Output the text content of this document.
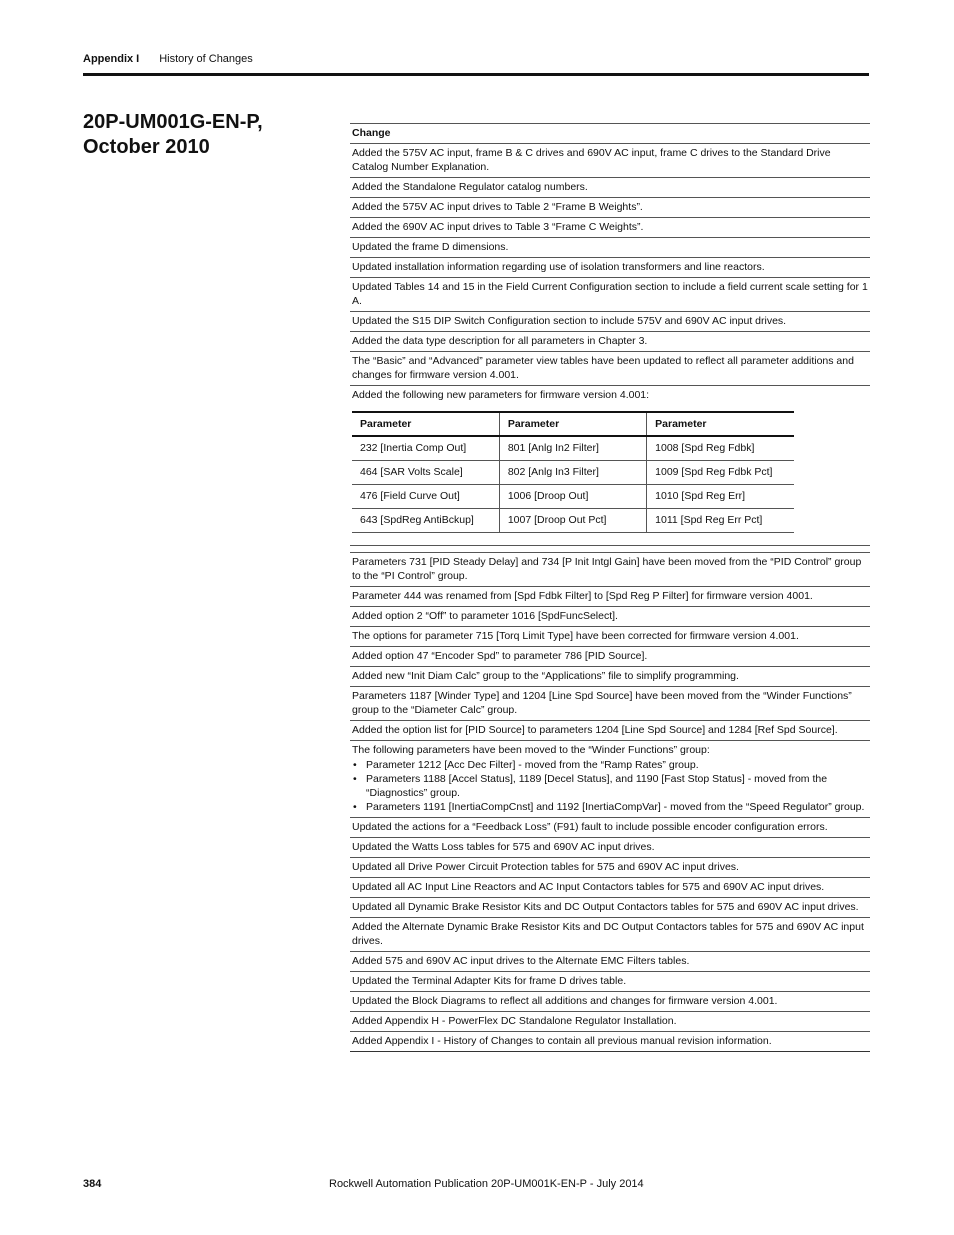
Appendix I History of Changes
20P-UM001G-EN-P,
October 2010
Change
Added the 575V AC input, frame B & C drives and 690V AC input, frame C drives to the Standard Drive Catalog Number Explanation.
Added the Standalone Regulator catalog numbers.
Added the 575V AC input drives to Table 2 “Frame B Weights”.
Added the 690V AC input drives to Table 3 “Frame C Weights”.
Updated the frame D dimensions.
Updated installation information regarding use of isolation transformers and line reactors.
Updated Tables 14 and 15 in the Field Current Configuration section to include a field current scale setting for 1 A.
Updated the S15 DIP Switch Configuration section to include 575V and 690V AC input drives.
Added the data type description for all parameters in Chapter 3.
The “Basic” and “Advanced” parameter view tables have been updated to reflect all parameter additions and changes for firmware version 4.001.
Added the following new parameters for firmware version 4.001:
Parameter	Parameter	Parameter
232 [Inertia Comp Out]	801 [Anlg In2 Filter]	1008 [Spd Reg Fdbk]
464 [SAR Volts Scale]	802 [Anlg In3 Filter]	1009 [Spd Reg Fdbk Pct]
476 [Field Curve Out]	1006 [Droop Out]	1010 [Spd Reg Err]
643 [SpdReg AntiBckup]	1007 [Droop Out Pct]	1011 [Spd Reg Err Pct]
Parameters 731 [PID Steady Delay] and 734 [P Init Intgl Gain] have been moved from the “PID Control” group to the “PI Control” group.
Parameter 444 was renamed from [Spd Fdbk Filter] to [Spd Reg P Filter] for firmware version 4001.
Added option 2 “Off” to parameter 1016 [SpdFuncSelect].
The options for parameter 715 [Torq Limit Type] have been corrected for firmware version 4.001.
Added option 47 “Encoder Spd” to parameter 786 [PID Source].
Added new “Init Diam Calc” group to the “Applications” file to simplify programming.
Parameters 1187 [Winder Type] and 1204 [Line Spd Source] have been moved from the “Winder Functions” group to the “Diameter Calc” group.
Added the option list for [PID Source] to parameters 1204 [Line Spd Source] and 1284 [Ref Spd Source].
The following parameters have been moved to the “Winder Functions” group:
• Parameter 1212 [Acc Dec Filter] - moved from the “Ramp Rates” group.
• Parameters 1188 [Accel Status], 1189 [Decel Status], and 1190 [Fast Stop Status] - moved from the “Diagnostics” group.
• Parameters 1191 [InertiaCompCnst] and 1192 [InertiaCompVar] - moved from the “Speed Regulator” group.
Updated the actions for a “Feedback Loss” (F91) fault to include possible encoder configuration errors.
Updated the Watts Loss tables for 575 and 690V AC input drives.
Updated all Drive Power Circuit Protection tables for 575 and 690V AC input drives.
Updated all AC Input Line Reactors and AC Input Contactors tables for 575 and 690V AC input drives.
Updated all Dynamic Brake Resistor Kits and DC Output Contactors tables for 575 and 690V AC input drives.
Added the Alternate Dynamic Brake Resistor Kits and DC Output Contactors tables for 575 and 690V AC input drives.
Added 575 and 690V AC input drives to the Alternate EMC Filters tables.
Updated the Terminal Adapter Kits for frame D drives table.
Updated the Block Diagrams to reflect all additions and changes for firmware version 4.001.
Added Appendix H - PowerFlex DC Standalone Regulator Installation.
Added Appendix I - History of Changes to contain all previous manual revision information.
384	Rockwell Automation Publication 20P-UM001K-EN-P - July 2014
